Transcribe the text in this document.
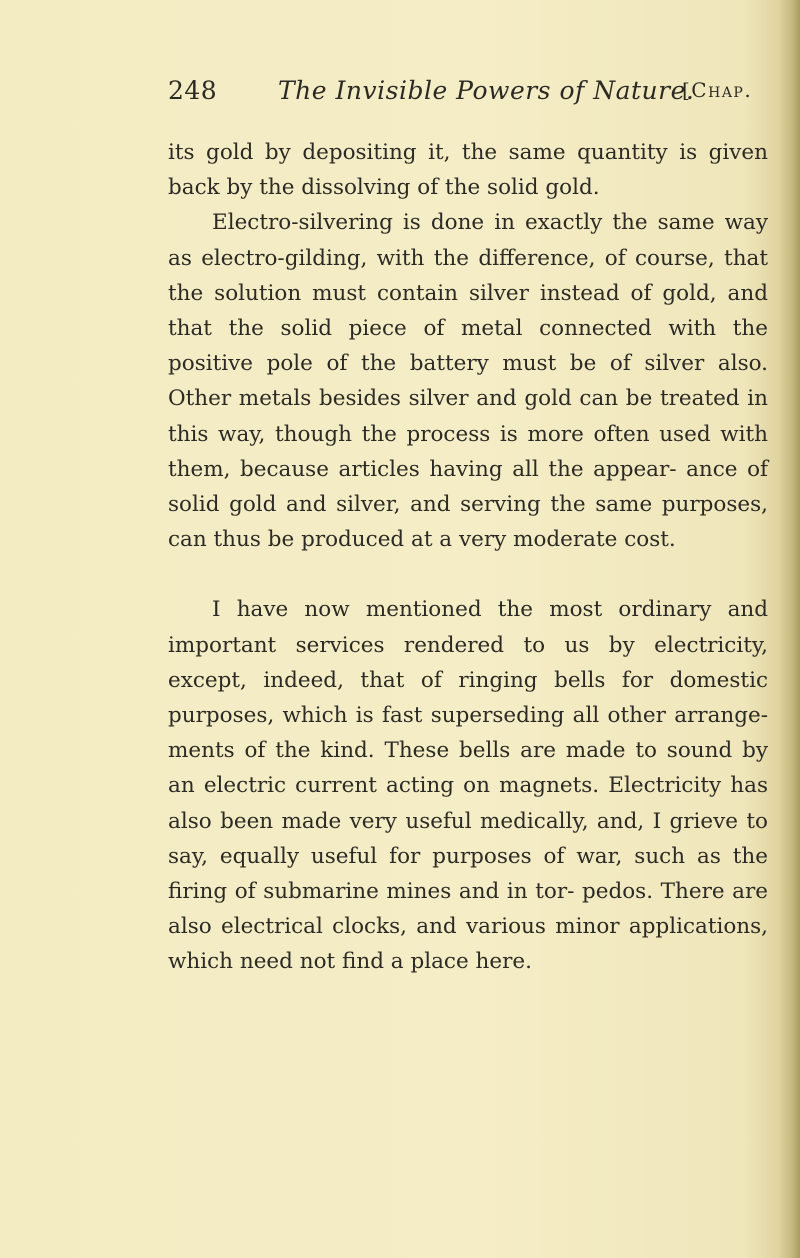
248 The Invisible Powers of Nature.
[Chap.

its gold by depositing it, the same quantity is given back by the dissolving of the solid gold.

Electro-silvering is done in exactly the same way as electro-gilding, with the difference, of course, that the solution must contain silver instead of gold, and that the solid piece of metal connected with the positive pole of the battery must be of silver also. Other metals besides silver and gold can be treated in this way, though the process is more often used with them, because articles having all the appear- ance of solid gold and silver, and serving the same purposes, can thus be produced at a very moderate cost.

I have now mentioned the most ordinary and important services rendered to us by electricity, except, indeed, that of ringing bells for domestic purposes, which is fast superseding all other arrange- ments of the kind. These bells are made to sound by an electric current acting on magnets. Electricity has also been made very useful medically, and, I grieve to say, equally useful for purposes of war, such as the firing of submarine mines and in tor- pedos. There are also electrical clocks, and various minor applications, which need not find a place here.
